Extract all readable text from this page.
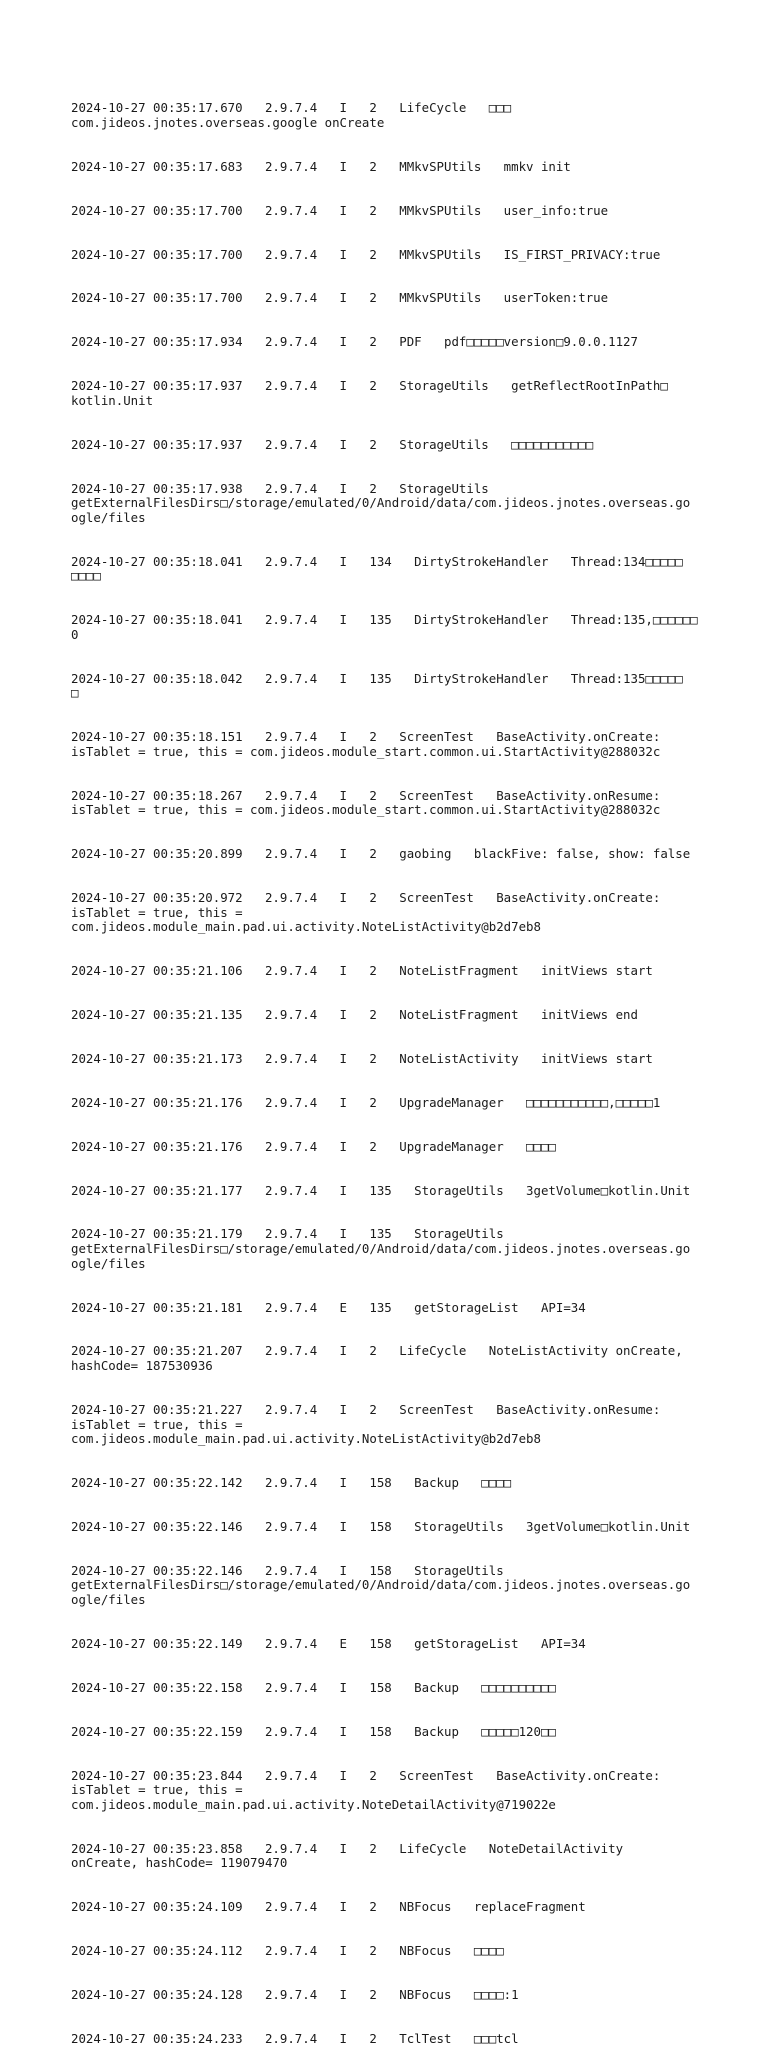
2024-10-27 00:35:17.670   2.9.7.4   I   2   LifeCycle   □□□
com.jideos.jnotes.overseas.google onCreate

2024-10-27 00:35:17.683   2.9.7.4   I   2   MMkvSPUtils   mmkv init

2024-10-27 00:35:17.700   2.9.7.4   I   2   MMkvSPUtils   user_info:true

2024-10-27 00:35:17.700   2.9.7.4   I   2   MMkvSPUtils   IS_FIRST_PRIVACY:true

2024-10-27 00:35:17.700   2.9.7.4   I   2   MMkvSPUtils   userToken:true

2024-10-27 00:35:17.934   2.9.7.4   I   2   PDF   pdf□□□□□version□9.0.0.1127

2024-10-27 00:35:17.937   2.9.7.4   I   2   StorageUtils   getReflectRootInPath□
kotlin.Unit

2024-10-27 00:35:17.937   2.9.7.4   I   2   StorageUtils   □□□□□□□□□□□

2024-10-27 00:35:17.938   2.9.7.4   I   2   StorageUtils
getExternalFilesDirs□/storage/emulated/0/Android/data/com.jideos.jnotes.overseas.go
ogle/files

2024-10-27 00:35:18.041   2.9.7.4   I   134   DirtyStrokeHandler   Thread:134□□□□□
□□□□

2024-10-27 00:35:18.041   2.9.7.4   I   135   DirtyStrokeHandler   Thread:135,□□□□□□
0

2024-10-27 00:35:18.042   2.9.7.4   I   135   DirtyStrokeHandler   Thread:135□□□□□
□

2024-10-27 00:35:18.151   2.9.7.4   I   2   ScreenTest   BaseActivity.onCreate:
isTablet = true, this = com.jideos.module_start.common.ui.StartActivity@288032c

2024-10-27 00:35:18.267   2.9.7.4   I   2   ScreenTest   BaseActivity.onResume:
isTablet = true, this = com.jideos.module_start.common.ui.StartActivity@288032c

2024-10-27 00:35:20.899   2.9.7.4   I   2   gaobing   blackFive: false, show: false

2024-10-27 00:35:20.972   2.9.7.4   I   2   ScreenTest   BaseActivity.onCreate:
isTablet = true, this =
com.jideos.module_main.pad.ui.activity.NoteListActivity@b2d7eb8

2024-10-27 00:35:21.106   2.9.7.4   I   2   NoteListFragment   initViews start

2024-10-27 00:35:21.135   2.9.7.4   I   2   NoteListFragment   initViews end

2024-10-27 00:35:21.173   2.9.7.4   I   2   NoteListActivity   initViews start

2024-10-27 00:35:21.176   2.9.7.4   I   2   UpgradeManager   □□□□□□□□□□□,□□□□□1

2024-10-27 00:35:21.176   2.9.7.4   I   2   UpgradeManager   □□□□

2024-10-27 00:35:21.177   2.9.7.4   I   135   StorageUtils   3getVolume□kotlin.Unit

2024-10-27 00:35:21.179   2.9.7.4   I   135   StorageUtils
getExternalFilesDirs□/storage/emulated/0/Android/data/com.jideos.jnotes.overseas.go
ogle/files

2024-10-27 00:35:21.181   2.9.7.4   E   135   getStorageList   API=34

2024-10-27 00:35:21.207   2.9.7.4   I   2   LifeCycle   NoteListActivity onCreate,
hashCode= 187530936

2024-10-27 00:35:21.227   2.9.7.4   I   2   ScreenTest   BaseActivity.onResume:
isTablet = true, this =
com.jideos.module_main.pad.ui.activity.NoteListActivity@b2d7eb8

2024-10-27 00:35:22.142   2.9.7.4   I   158   Backup   □□□□

2024-10-27 00:35:22.146   2.9.7.4   I   158   StorageUtils   3getVolume□kotlin.Unit

2024-10-27 00:35:22.146   2.9.7.4   I   158   StorageUtils
getExternalFilesDirs□/storage/emulated/0/Android/data/com.jideos.jnotes.overseas.go
ogle/files

2024-10-27 00:35:22.149   2.9.7.4   E   158   getStorageList   API=34

2024-10-27 00:35:22.158   2.9.7.4   I   158   Backup   □□□□□□□□□□

2024-10-27 00:35:22.159   2.9.7.4   I   158   Backup   □□□□□120□□

2024-10-27 00:35:23.844   2.9.7.4   I   2   ScreenTest   BaseActivity.onCreate:
isTablet = true, this =
com.jideos.module_main.pad.ui.activity.NoteDetailActivity@719022e

2024-10-27 00:35:23.858   2.9.7.4   I   2   LifeCycle   NoteDetailActivity
onCreate, hashCode= 119079470

2024-10-27 00:35:24.109   2.9.7.4   I   2   NBFocus   replaceFragment

2024-10-27 00:35:24.112   2.9.7.4   I   2   NBFocus   □□□□

2024-10-27 00:35:24.128   2.9.7.4   I   2   NBFocus   □□□□:1

2024-10-27 00:35:24.233   2.9.7.4   I   2   TclTest   □□□tcl
